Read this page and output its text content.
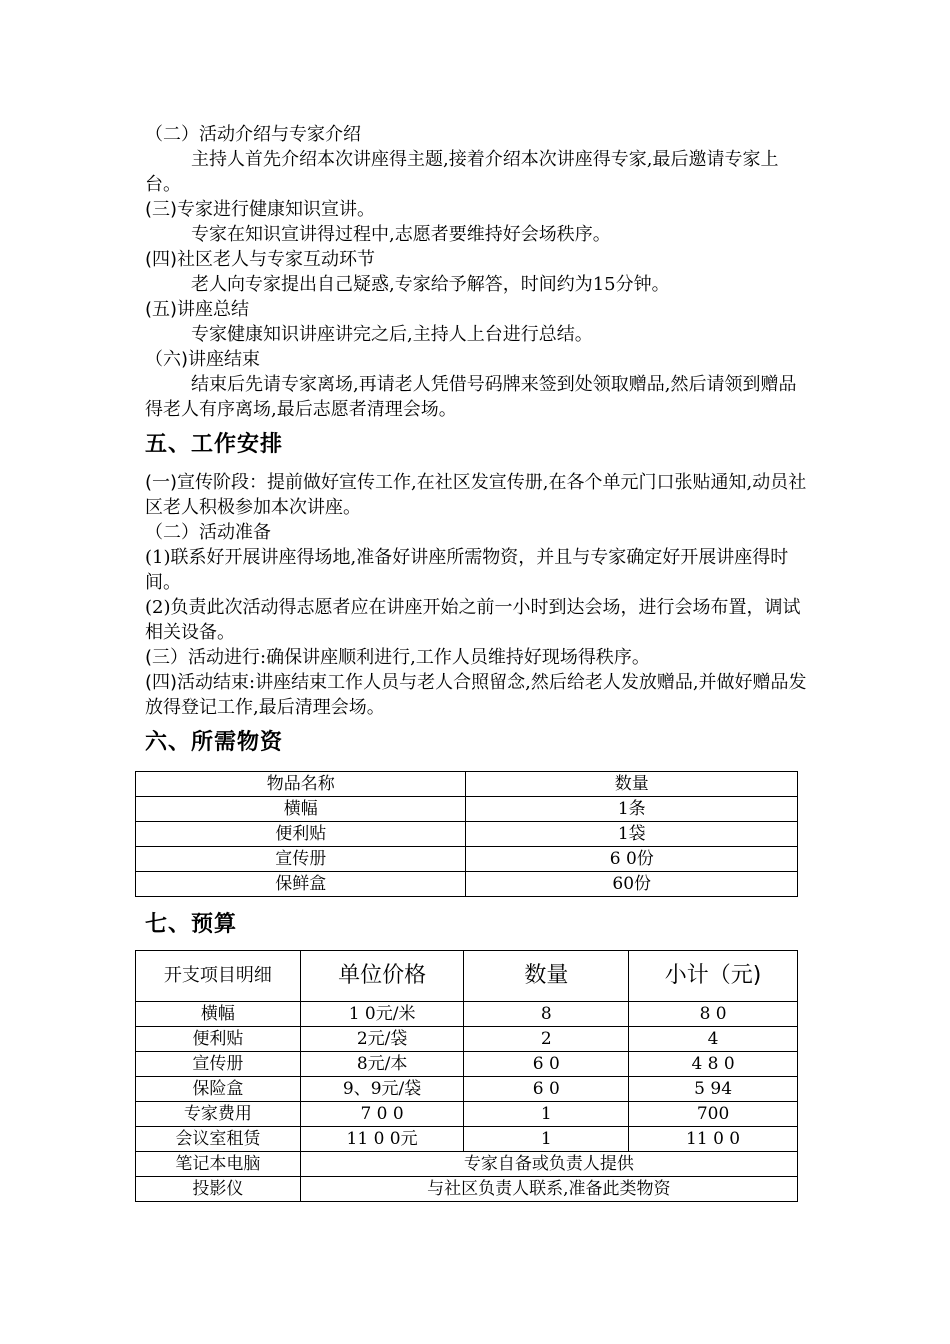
（二）活动介绍与专家介绍

主持人首先介绍本次讲座得主题,接着介绍本次讲座得专家,最后邀请专家上台。

(三)专家进行健康知识宣讲。

专家在知识宣讲得过程中,志愿者要维持好会场秩序。

(四)社区老人与专家互动环节

老人向专家提出自己疑惑,专家给予解答，时间约为15分钟。

(五)讲座总结

专家健康知识讲座讲完之后,主持人上台进行总结。

（六)讲座结束

结束后先请专家离场,再请老人凭借号码牌来签到处领取赠品,然后请领到赠品得老人有序离场,最后志愿者清理会场。

五、工作安排

(一)宣传阶段：提前做好宣传工作,在社区发宣传册,在各个单元门口张贴通知,动员社区老人积极参加本次讲座。

（二）活动准备

(1)联系好开展讲座得场地,准备好讲座所需物资，并且与专家确定好开展讲座得时间。

(2)负责此次活动得志愿者应在讲座开始之前一小时到达会场，进行会场布置，调试相关设备。

(三）活动进行:确保讲座顺利进行,工作人员维持好现场得秩序。

(四)活动结束:讲座结束工作人员与老人合照留念,然后给老人发放赠品,并做好赠品发放得登记工作,最后清理会场。

六、所需物资
物品名称	数量
横幅	1条
便利贴	1袋
宣传册	6 0份
保鲜盒	60份
七、预算
开支项目明细	单位价格	数量	小计（元)
横幅	1 0元/米	8	8 0
便利贴	2元/袋	2	4
宣传册	8元/本	6 0	4 8 0
保险盒	9、9元/袋	6 0	5 94
专家费用	7 0 0	1	700
会议室租赁	11 0 0元	1	11 0 0
笔记本电脑	专家自备或负责人提供		
投影仪	与社区负责人联系,准备此类物资		
